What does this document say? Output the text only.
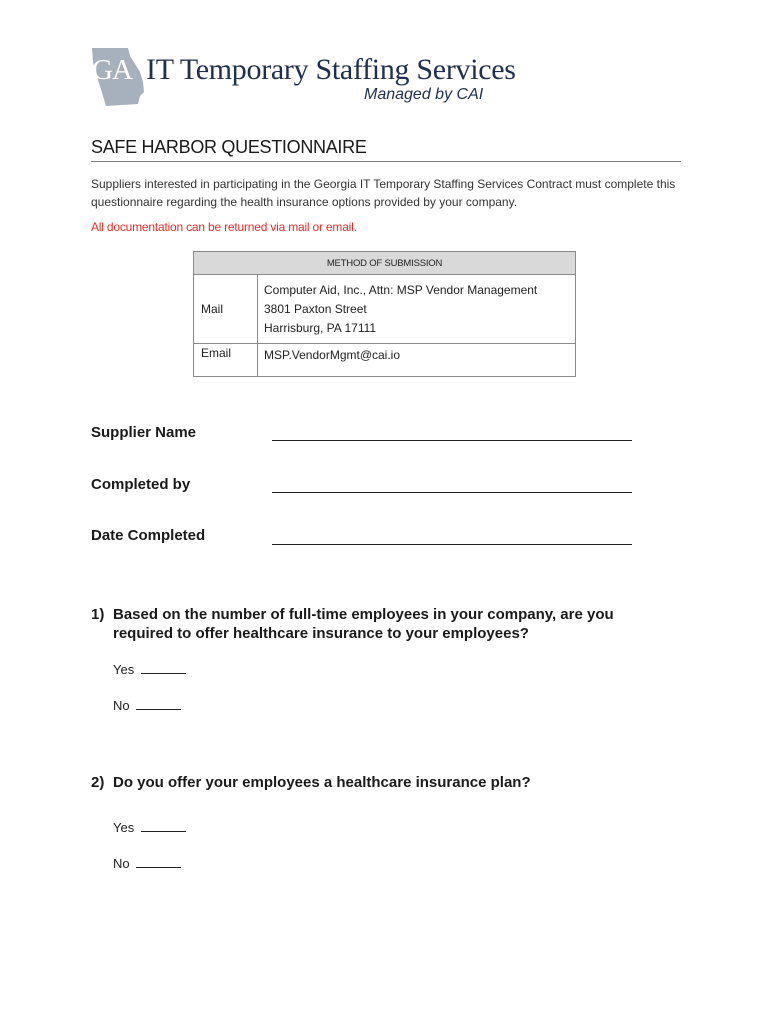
GA IT Temporary Staffing Services
Managed by CAI
SAFE HARBOR QUESTIONNAIRE
Suppliers interested in participating in the Georgia IT Temporary Staffing Services Contract must complete this questionnaire regarding the health insurance options provided by your company.
All documentation can be returned via mail or email.
METHOD OF SUBMISSION	
Mail	Computer Aid, Inc., Attn: MSP Vendor Management
3801 Paxton Street
Harrisburg, PA 17111

Email	MSP.VendorMgmt@cai.io
Supplier Name
Completed by
Date Completed
1) Based on the number of full-time employees in your company, are you required to offer healthcare insurance to your employees?
Yes
No
2) Do you offer your employees a healthcare insurance plan?
Yes
No
